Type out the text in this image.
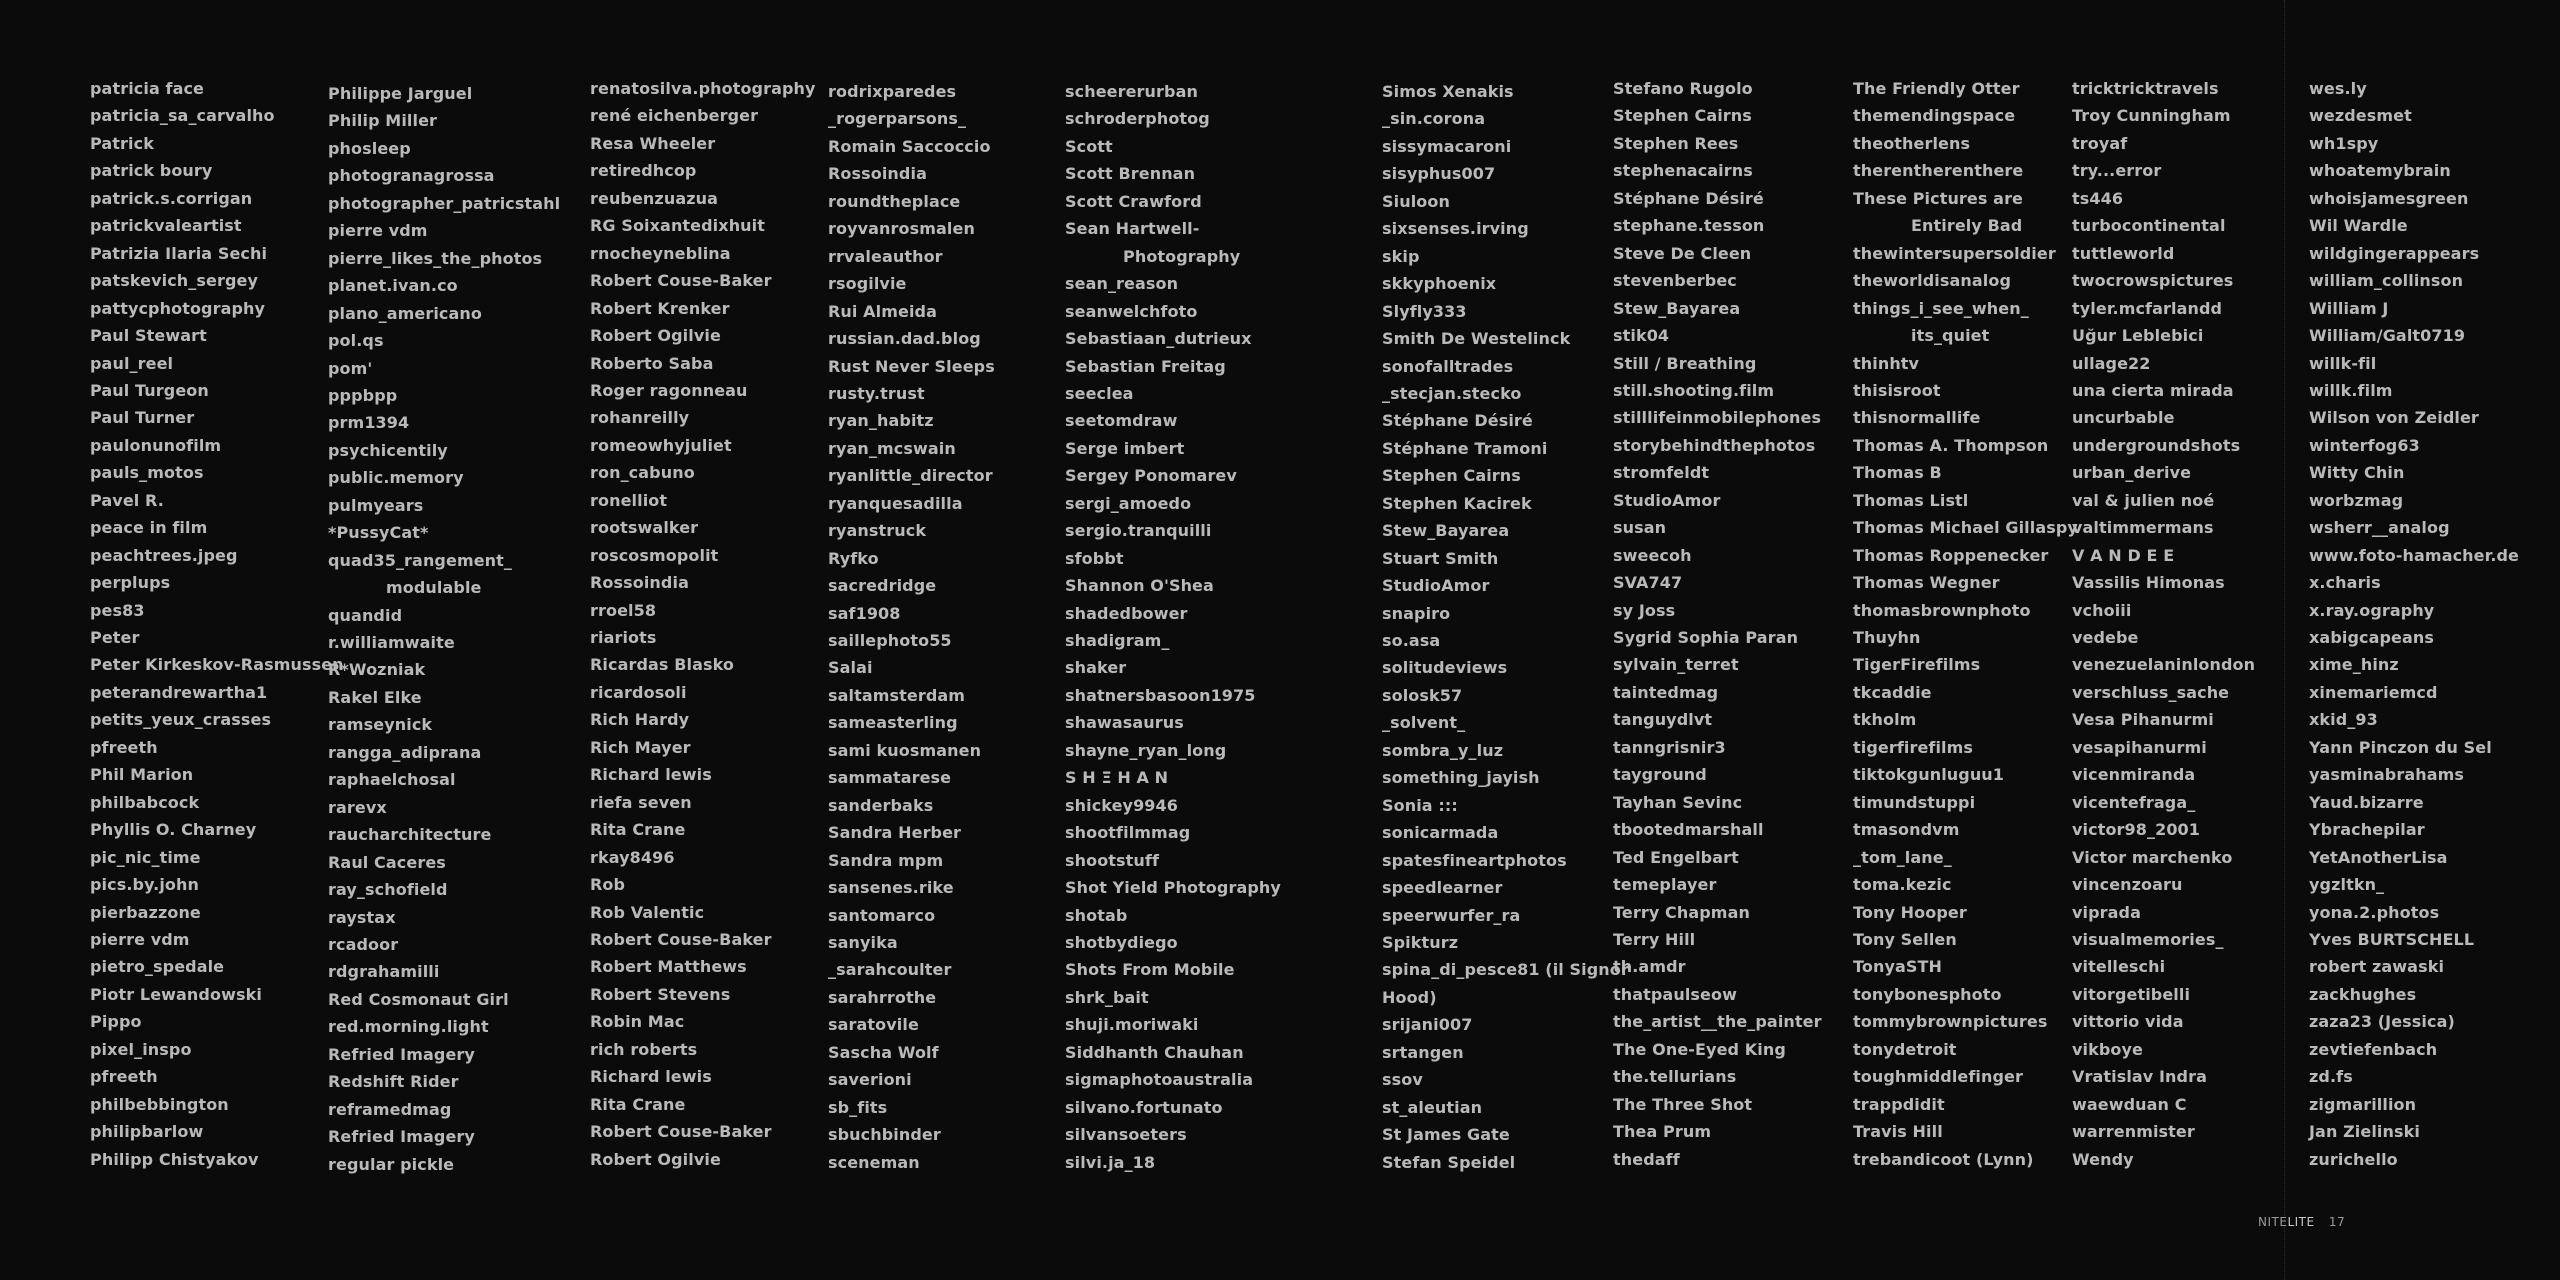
patricia face
patricia_sa_carvalho
Patrick
patrick boury
patrick.s.corrigan
patrickvaleartist
Patrizia Ilaria Sechi
patskevich_sergey
pattycphotography
Paul Stewart
paul_reel
Paul Turgeon
Paul Turner
paulonunofilm
pauls_motos
Pavel R.
peace in film
peachtrees.jpeg
perplups
pes83
Peter
Peter Kirkeskov-Rasmussen
peterandrewartha1
petits_yeux_crasses
pfreeth
Phil Marion
philbabcock
Phyllis O. Charney
pic_nic_time
pics.by.john
pierbazzone
pierre vdm
pietro_spedale
Piotr Lewandowski
Pippo
pixel_inspo
pfreeth
philbebbington
philipbarlow
Philipp Chistyakov
Philippe Jarguel
Philip Miller
phosleep
photogranagrossa
photographer_patricstahl
pierre vdm
pierre_likes_the_photos
planet.ivan.co
plano_americano
pol.qs
pom'
pppbpp
prm1394
psychicentily
public.memory
pulmyears
*PussyCat*
quad35_rangement_
modulable
quandid
r.williamwaite
R*Wozniak
Rakel Elke
ramseynick
rangga_adiprana
raphaelchosal
rarevx
raucharchitecture
Raul Caceres
ray_schofield
raystax
rcadoor
rdgrahamilli
Red Cosmonaut Girl
red.morning.light
Refried Imagery
Redshift Rider
reframedmag
Refried Imagery
regular pickle
renatosilva.photography
rené eichenberger
Resa Wheeler
retiredhcop
reubenzuazua
RG Soixantedixhuit
rnocheyneblina
Robert Couse-Baker
Robert Krenker
Robert Ogilvie
Roberto Saba
Roger ragonneau
rohanreilly
romeowhyjuliet
ron_cabuno
ronelliot
rootswalker
roscosmopolit
Rossoindia
rroel58
riariots
Ricardas Blasko
ricardosoli
Rich Hardy
Rich Mayer
Richard lewis
riefa seven
Rita Crane
rkay8496
Rob
Rob Valentic
Robert Couse-Baker
Robert Matthews
Robert Stevens
Robin Mac
rich roberts
Richard lewis
Rita Crane
Robert Couse-Baker
Robert Ogilvie
rodrixparedes
_rogerparsons_
Romain Saccoccio
Rossoindia
roundtheplace
royvanrosmalen
rrvaleauthor
rsogilvie
Rui Almeida
russian.dad.blog
Rust Never Sleeps
rusty.trust
ryan_habitz
ryan_mcswain
ryanlittle_director
ryanquesadilla
ryanstruck
Ryfko
sacredridge
saf1908
saillephoto55
Salai
saltamsterdam
sameasterling
sami kuosmanen
sammatarese
sanderbaks
Sandra Herber
Sandra mpm
sansenes.rike
santomarco
sanyika
_sarahcoulter
sarahrrothe
saratovile
Sascha Wolf
saverioni
sb_fits
sbuchbinder
sceneman
scheererurban
schroderphotog
Scott
Scott Brennan
Scott Crawford
Sean Hartwell-
Photography
sean_reason
seanwelchfoto
Sebastiaan_dutrieux
Sebastian Freitag
seeclea
seetomdraw
Serge imbert
Sergey Ponomarev
sergi_amoedo
sergio.tranquilli
sfobbt
Shannon O'Shea
shadedbower
shadigram_
shaker
shatnersbasoon1975
shawasaurus
shayne_ryan_long
S H Ξ H A N
shickey9946
shootfilmmag
shootstuff
Shot Yield Photography
shotab
shotbydiego
Shots From Mobile
shrk_bait
shuji.moriwaki
Siddhanth Chauhan
sigmaphotoaustralia
silvano.fortunato
silvansoeters
silvi.ja_18
Simos Xenakis
_sin.corona
sissymacaroni
sisyphus007
Siuloon
sixsenses.irving
skip
skkyphoenix
Slyfly333
Smith De Westelinck
sonofalltrades
_stecjan.stecko
Stéphane Désiré
Stéphane Tramoni
Stephen Cairns
Stephen Kacirek
Stew_Bayarea
Stuart Smith
StudioAmor
snapiro
so.asa
solitudeviews
solosk57
_solvent_
sombra_y_luz
something_jayish
Sonia :::
sonicarmada
spatesfineartphotos
speedlearner
speerwurfer_ra
Spikturz
spina_di_pesce81 (il Signor
Hood)
srijani007
srtangen
ssov
st_aleutian
St James Gate
Stefan Speidel
Stefano Rugolo
Stephen Cairns
Stephen Rees
stephenacairns
Stéphane Désiré
stephane.tesson
Steve De Cleen
stevenberbec
Stew_Bayarea
stik04
Still / Breathing
still.shooting.film
stilllifeinmobilephones
storybehindthephotos
stromfeldt
StudioAmor
susan
sweecoh
SVA747
sy Joss
Sygrid Sophia Paran
sylvain_terret
taintedmag
tanguydlvt
tanngrisnir3
tayground
Tayhan Sevinc
tbootedmarshall
Ted Engelbart
temeplayer
Terry Chapman
Terry Hill
th.amdr
thatpaulseow
the_artist__the_painter
The One-Eyed King
the.tellurians
The Three Shot
Thea Prum
thedaff
The Friendly Otter
themendingspace
theotherlens
therentherenthere
These Pictures are
Entirely Bad
thewintersupersoldier
theworldisanalog
things_i_see_when_
its_quiet
thinhtv
thisisroot
thisnormallife
Thomas A. Thompson
Thomas B
Thomas Listl
Thomas Michael Gillaspy
Thomas Roppenecker
Thomas Wegner
thomasbrownphoto
Thuyhn
TigerFirefilms
tkcaddie
tkholm
tigerfirefilms
tiktokgunluguu1
timundstuppi
tmasondvm
_tom_lane_
toma.kezic
Tony Hooper
Tony Sellen
TonyaSTH
tonybonesphoto
tommybrownpictures
tonydetroit
toughmiddlefinger
trappdidit
Travis Hill
trebandicoot (Lynn)
tricktricktravels
Troy Cunningham
troyaf
try...error
ts446
turbocontinental
tuttleworld
twocrowspictures
tyler.mcfarlandd
Uğur Leblebici
ullage22
una cierta mirada
uncurbable
undergroundshots
urban_derive
val & julien noé
valtimmermans
V A N D E E
Vassilis Himonas
vchoiii
vedebe
venezuelaninlondon
verschluss_sache
Vesa Pihanurmi
vesapihanurmi
vicenmiranda
vicentefraga_
victor98_2001
Victor marchenko
vincenzoaru
viprada
visualmemories_
vitelleschi
vitorgetibelli
vittorio vida
vikboye
Vratislav Indra
waewduan C
warrenmister
Wendy
wes.ly
wezdesmet
wh1spy
whoatemybrain
whoisjamesgreen
Wil Wardle
wildgingerappears
william_collinson
William J
William/Galt0719
willk-fil
willk.film
Wilson von Zeidler
winterfog63
Witty Chin
worbzmag
wsherr__analog
www.foto-hamacher.de
x.charis
x.ray.ography
xabigcapeans
xime_hinz
xinemariemcd
xkid_93
Yann Pinczon du Sel
yasminabrahams
Yaud.bizarre
Ybrachepilar
YetAnotherLisa
ygzltkn_
yona.2.photos
Yves BURTSCHELL
robert zawaski
zackhughes
zaza23 (Jessica)
zevtiefenbach
zd.fs
zigmarillion
Jan Zielinski
zurichello
NITELITE 17
